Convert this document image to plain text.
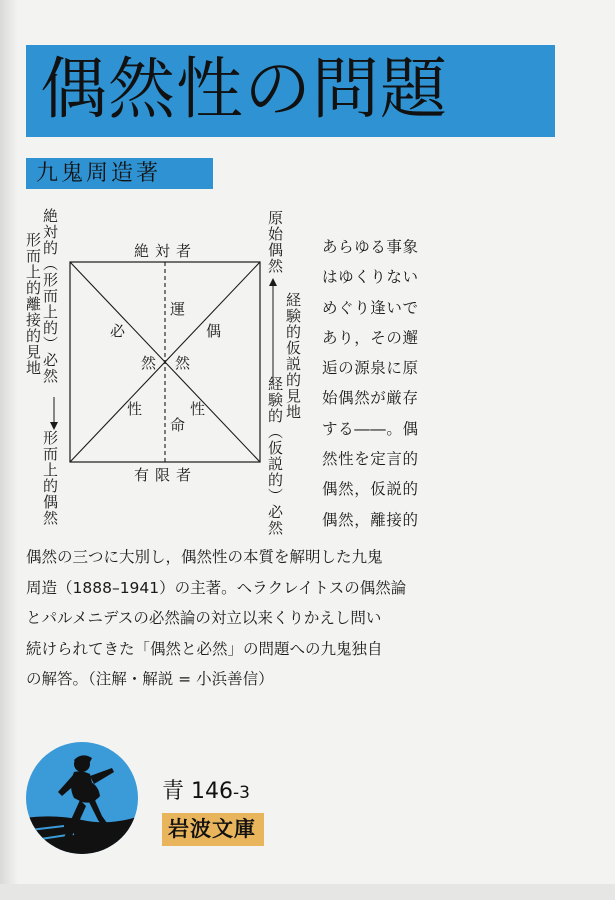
偶然性の問題
九鬼周造著
絶対者
有限者
絶対的（形而上的）必然
形而上的離接的見地
形而上的偶然
原始偶然
経験的仮説的見地
経験的（仮説的）必然
必
然
性
運
命
偶
然
性
あらゆる事象
はゆくりない
めぐり逢いで
あり，その邂
逅の源泉に原
始偶然が厳存
する――。偶
然性を定言的
偶然，仮説的
偶然，離接的
偶然の三つに大別し，偶然性の本質を解明した九鬼
周造（1888–1941）の主著。ヘラクレイトスの偶然論
とパルメニデスの必然論の対立以来くりかえし問い
続けられてきた「偶然と必然」の問題への九鬼独自
の解答。（注解・解説 = 小浜善信）
青 146-3
岩波文庫
